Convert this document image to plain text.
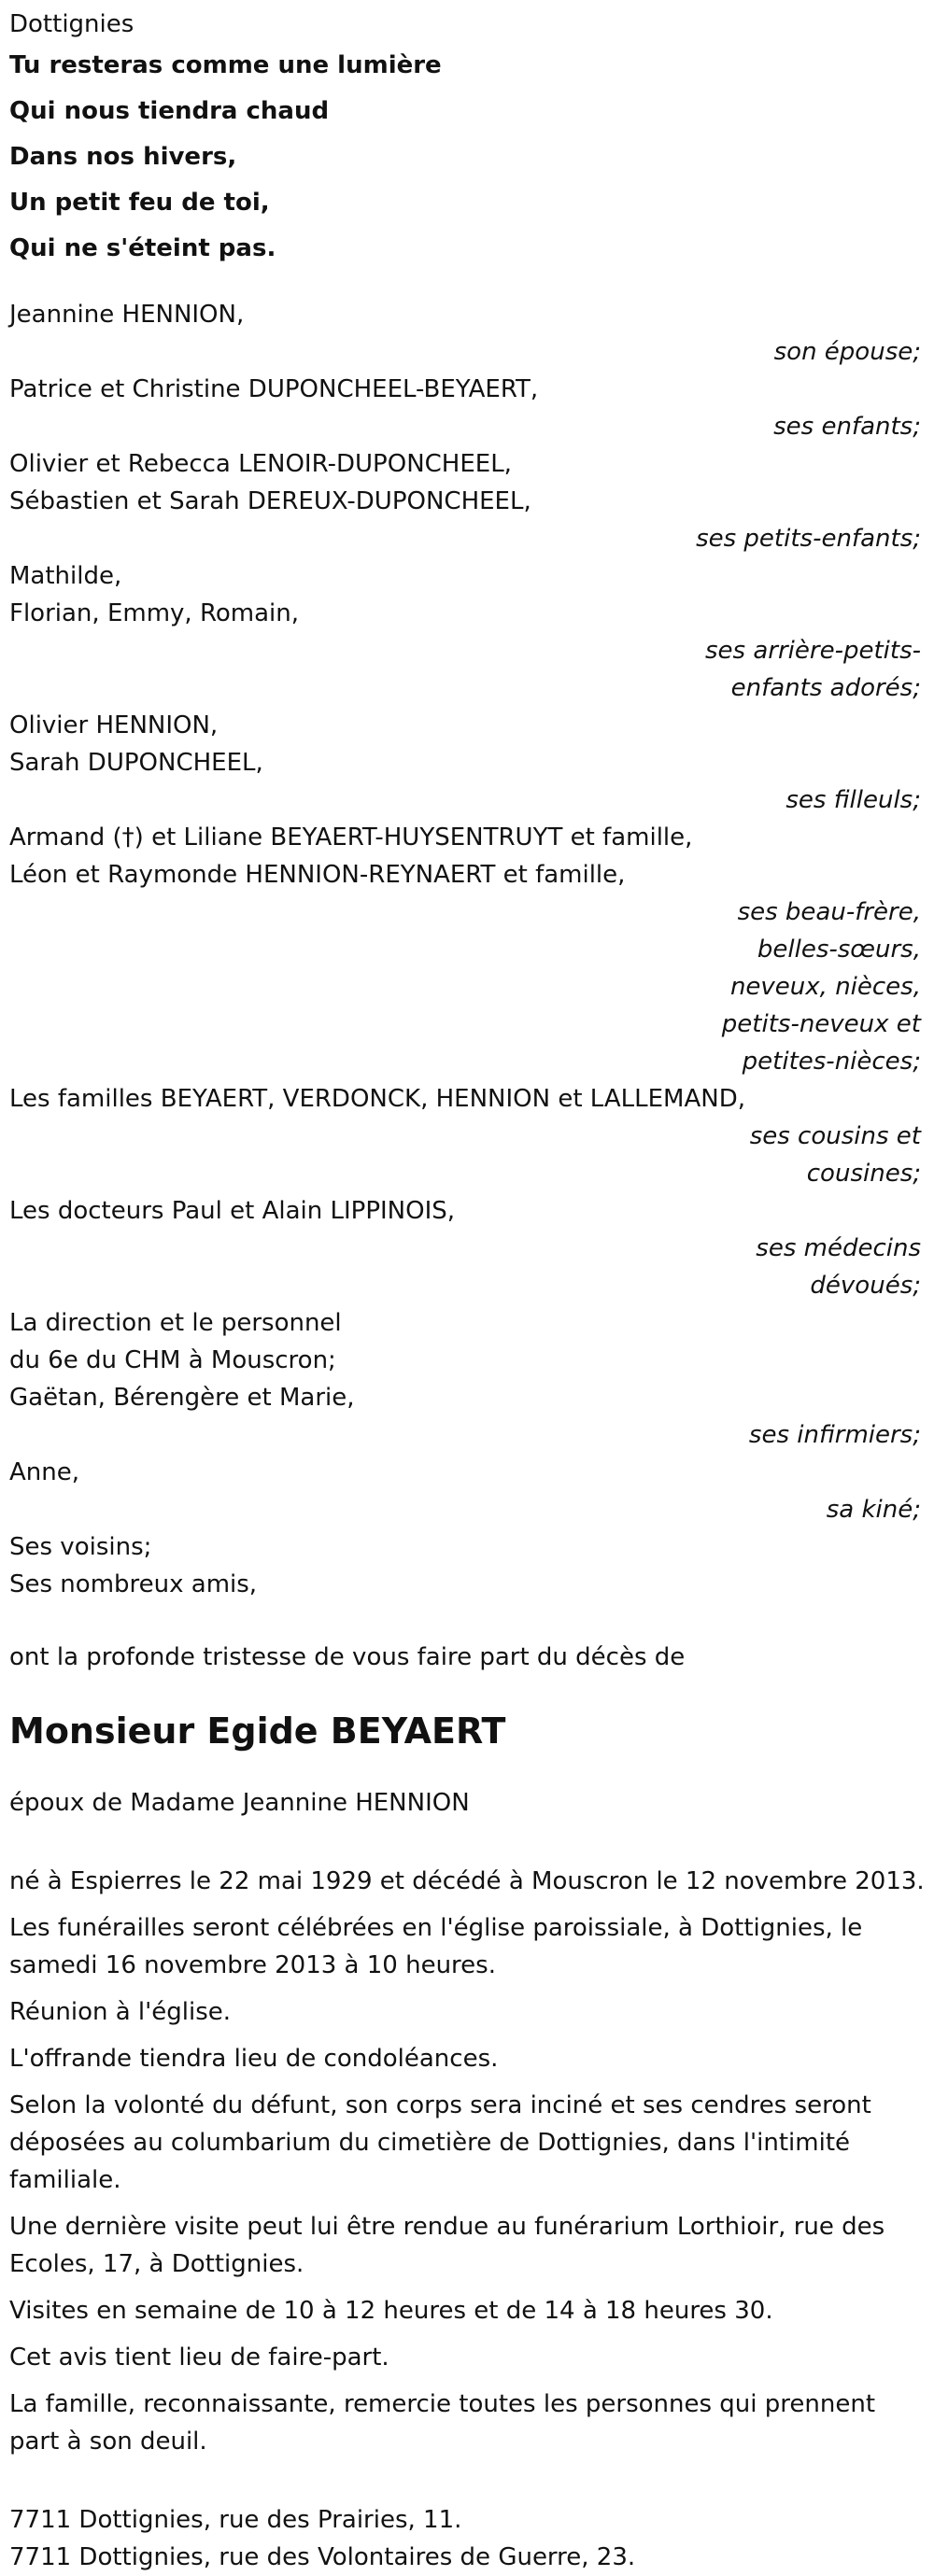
Dottignies
Tu resteras comme une lumière
Qui nous tiendra chaud
Dans nos hivers,
Un petit feu de toi,
Qui ne s'éteint pas.
Jeannine HENNION,
son épouse;
Patrice et Christine DUPONCHEEL-BEYAERT,
ses enfants;
Olivier et Rebecca LENOIR-DUPONCHEEL,
Sébastien et Sarah DEREUX-DUPONCHEEL,
ses petits-enfants;
Mathilde,
Florian, Emmy, Romain,
ses arrière-petits-
enfants adorés;
Olivier HENNION,
Sarah DUPONCHEEL,
ses filleuls;
Armand (†) et Liliane BEYAERT-HUYSENTRUYT et famille,
Léon et Raymonde HENNION-REYNAERT et famille,
ses beau-frère,
belles-sœurs,
neveux, nièces,
petits-neveux et
petites-nièces;
Les familles BEYAERT, VERDONCK, HENNION et LALLEMAND,
ses cousins et
cousines;
Les docteurs Paul et Alain LIPPINOIS,
ses médecins
dévoués;
La direction et le personnel
du 6e du CHM à Mouscron;
Gaëtan, Bérengère et Marie,
ses infirmiers;
Anne,
sa kiné;
Ses voisins;
Ses nombreux amis,
ont la profonde tristesse de vous faire part du décès de
Monsieur Egide BEYAERT
époux de Madame Jeannine HENNION
né à Espierres le 22 mai 1929 et décédé à Mouscron le 12 novembre 2013.
Les funérailles seront célébrées en l'église paroissiale, à Dottignies, le samedi 16 novembre 2013 à 10 heures.
Réunion à l'église.
L'offrande tiendra lieu de condoléances.
Selon la volonté du défunt, son corps sera inciné et ses cendres seront déposées au columbarium du cimetière de Dottignies, dans l'intimité familiale.
Une dernière visite peut lui être rendue au funérarium Lorthioir, rue des Ecoles, 17, à Dottignies.
Visites en semaine de 10 à 12 heures et de 14 à 18 heures 30.
Cet avis tient lieu de faire-part.
La famille, reconnaissante, remercie toutes les personnes qui prennent part à son deuil.
7711 Dottignies, rue des Prairies, 11.
7711 Dottignies, rue des Volontaires de Guerre, 23.
